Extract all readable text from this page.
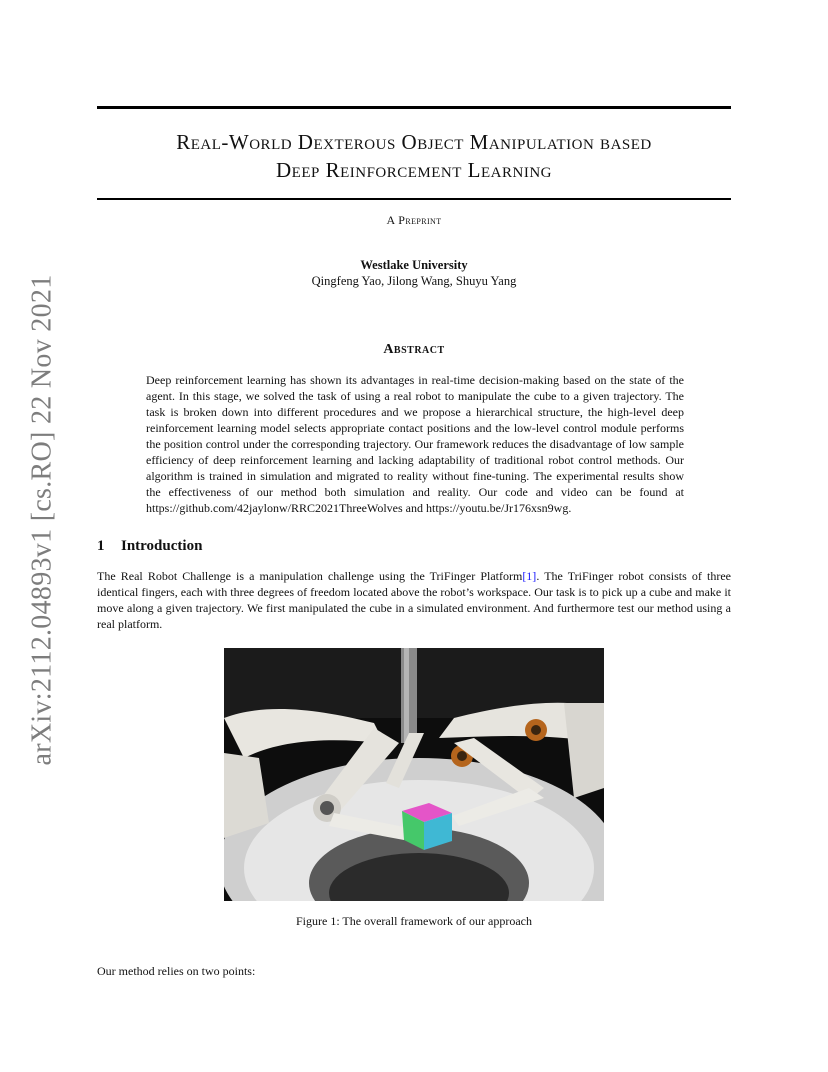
arXiv:2112.04893v1 [cs.RO] 22 Nov 2021
Real-World Dexterous Object Manipulation based
Deep Reinforcement Learning
A Preprint
Westlake University
Qingfeng Yao, Jilong Wang, Shuyu Yang
Abstract
Deep reinforcement learning has shown its advantages in real-time decision-making based on the state of the agent. In this stage, we solved the task of using a real robot to manipulate the cube to a given trajectory. The task is broken down into different procedures and we propose a hierarchical structure, the high-level deep reinforcement learning model selects appropriate contact positions and the low-level control module performs the position control under the corresponding trajectory. Our framework reduces the disadvantage of low sample efficiency of deep reinforcement learning and lacking adaptability of traditional robot control methods. Our algorithm is trained in simulation and migrated to reality without fine-tuning. The experimental results show the effectiveness of our method both simulation and reality. Our code and video can be found at https://github.com/42jaylonw/RRC2021ThreeWolves and https://youtu.be/Jr176xsn9wg.
1 Introduction
The Real Robot Challenge is a manipulation challenge using the TriFinger Platform[1]. The TriFinger robot consists of three identical fingers, each with three degrees of freedom located above the robot’s workspace. Our task is to pick up a cube and make it move along a given trajectory. We first manipulated the cube in a simulated environment. And furthermore test our method using a real platform.
Figure 1: The overall framework of our approach
Our method relies on two points:
